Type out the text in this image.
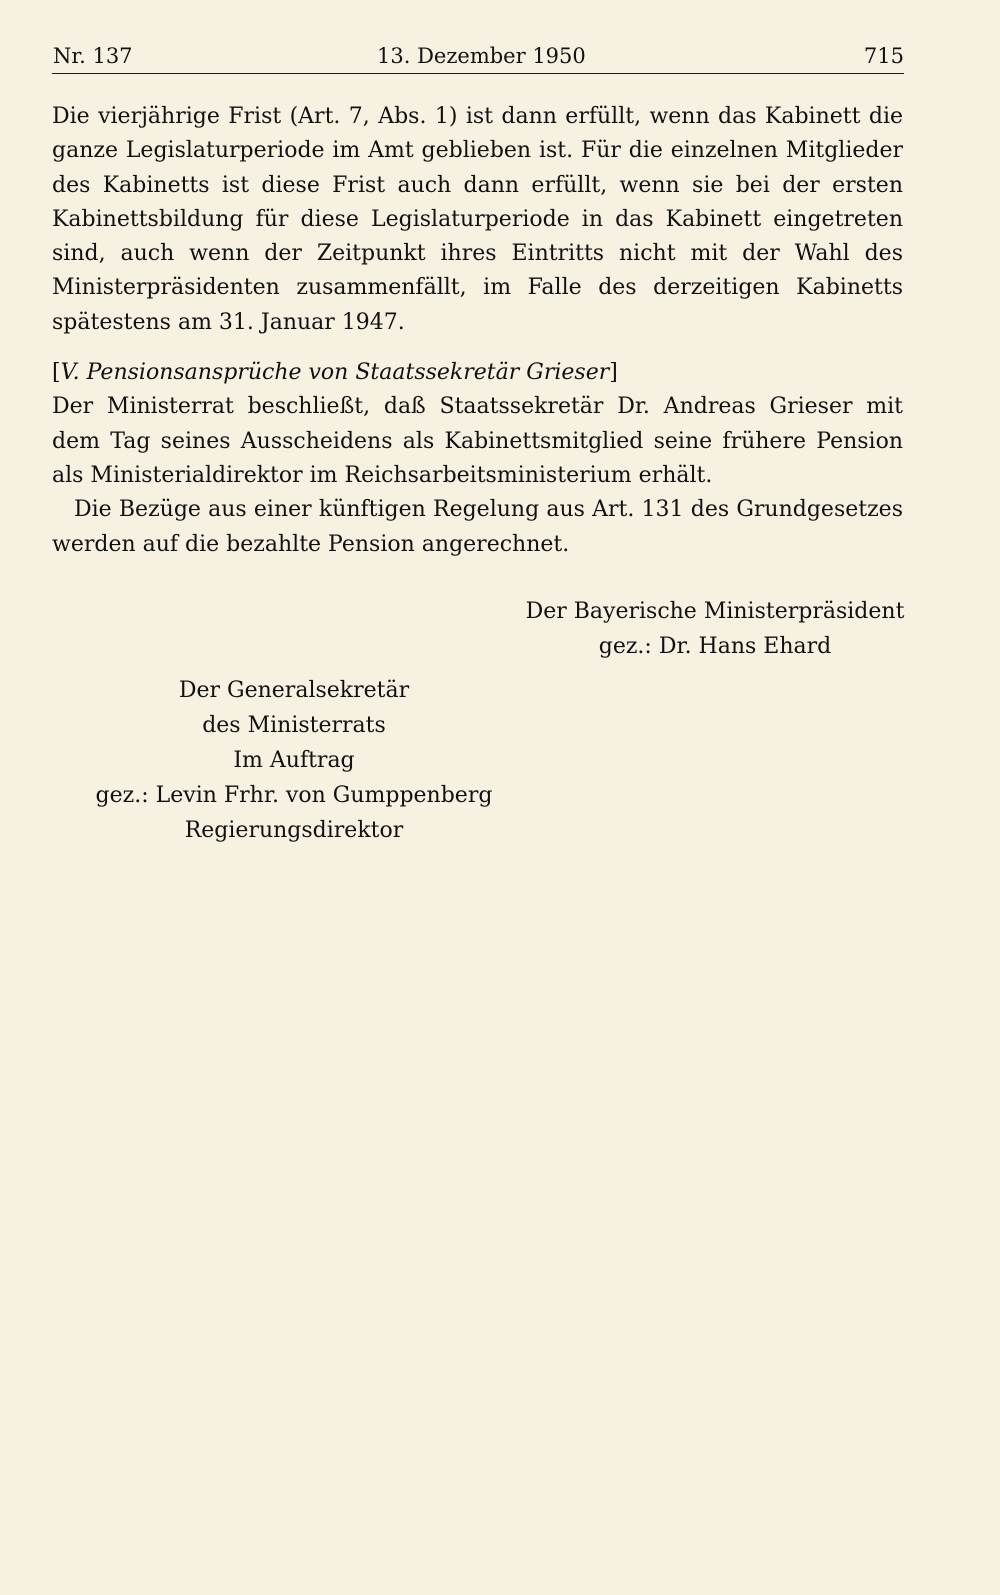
Nr. 137	13. Dezember 1950	715

Die vierjährige Frist (Art. 7, Abs. 1) ist dann erfüllt, wenn das Kabinett die ganze Legislaturperiode im Amt geblieben ist. Für die einzelnen Mitglieder des Kabinetts ist diese Frist auch dann erfüllt, wenn sie bei der ersten Kabinettsbildung für diese Legislaturperiode in das Kabinett eingetreten sind, auch wenn der Zeitpunkt ihres Eintritts nicht mit der Wahl des Ministerpräsidenten zusammenfällt, im Falle des derzeitigen Kabinetts spätestens am 31. Januar 1947.

[V. Pensionsansprüche von Staatssekretär Grieser]

Der Ministerrat beschließt, daß Staatssekretär Dr. Andreas Grieser mit dem Tag seines Ausscheidens als Kabinettsmitglied seine frühere Pension als Ministerialdirektor im Reichsarbeitsministerium erhält.

Die Bezüge aus einer künftigen Regelung aus Art. 131 des Grundgesetzes werden auf die bezahlte Pension angerechnet.

Der Bayerische Ministerpräsident
gez.: Dr. Hans Ehard
Der Generalsekretär
des Ministerrats
Im Auftrag
gez.: Levin Frhr. von Gumppenberg
Regierungsdirektor
